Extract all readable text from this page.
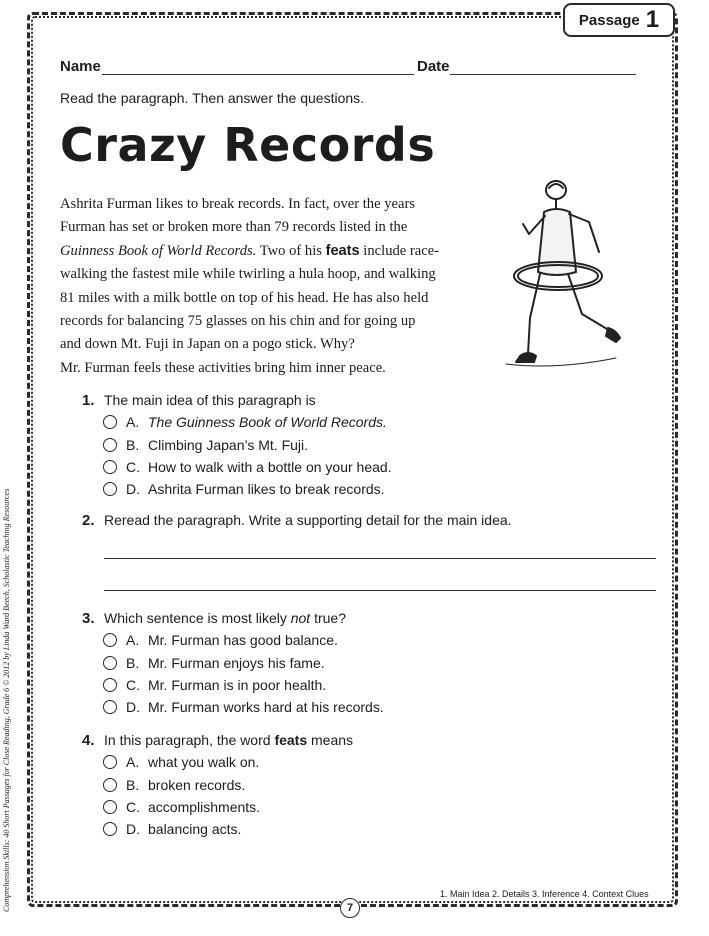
Passage 1
Name	Date
Read the paragraph. Then answer the questions.
Crazy Records
Ashrita Furman likes to break records. In fact, over the years
Furman has set or broken more than 79 records listed in the
Guinness Book of World Records. Two of his feats include race-
walking the fastest mile while twirling a hula hoop, and walking
81 miles with a milk bottle on top of his head. He has also held
records for balancing 75 glasses on his chin and for going up
and down Mt. Fuji in Japan on a pogo stick. Why?
Mr. Furman feels these activities bring him inner peace.
1. The main idea of this paragraph is
A. The Guinness Book of World Records.
B. Climbing Japan’s Mt. Fuji.
C. How to walk with a bottle on your head.
D. Ashrita Furman likes to break records.
2. Reread the paragraph. Write a supporting detail for the main idea.
3. Which sentence is most likely not true?
A. Mr. Furman has good balance.
B. Mr. Furman enjoys his fame.
C. Mr. Furman is in poor health.
D. Mr. Furman works hard at his records.
4. In this paragraph, the word feats means
A. what you walk on.
B. broken records.
C. accomplishments.
D. balancing acts.
1. Main Idea 2. Details 3. Inference 4. Context Clues
7
Comprehension Skills: 40 Short Passages for Close Reading, Grade 6 © 2012 by Linda Ward Beech, Scholastic Teaching Resources
